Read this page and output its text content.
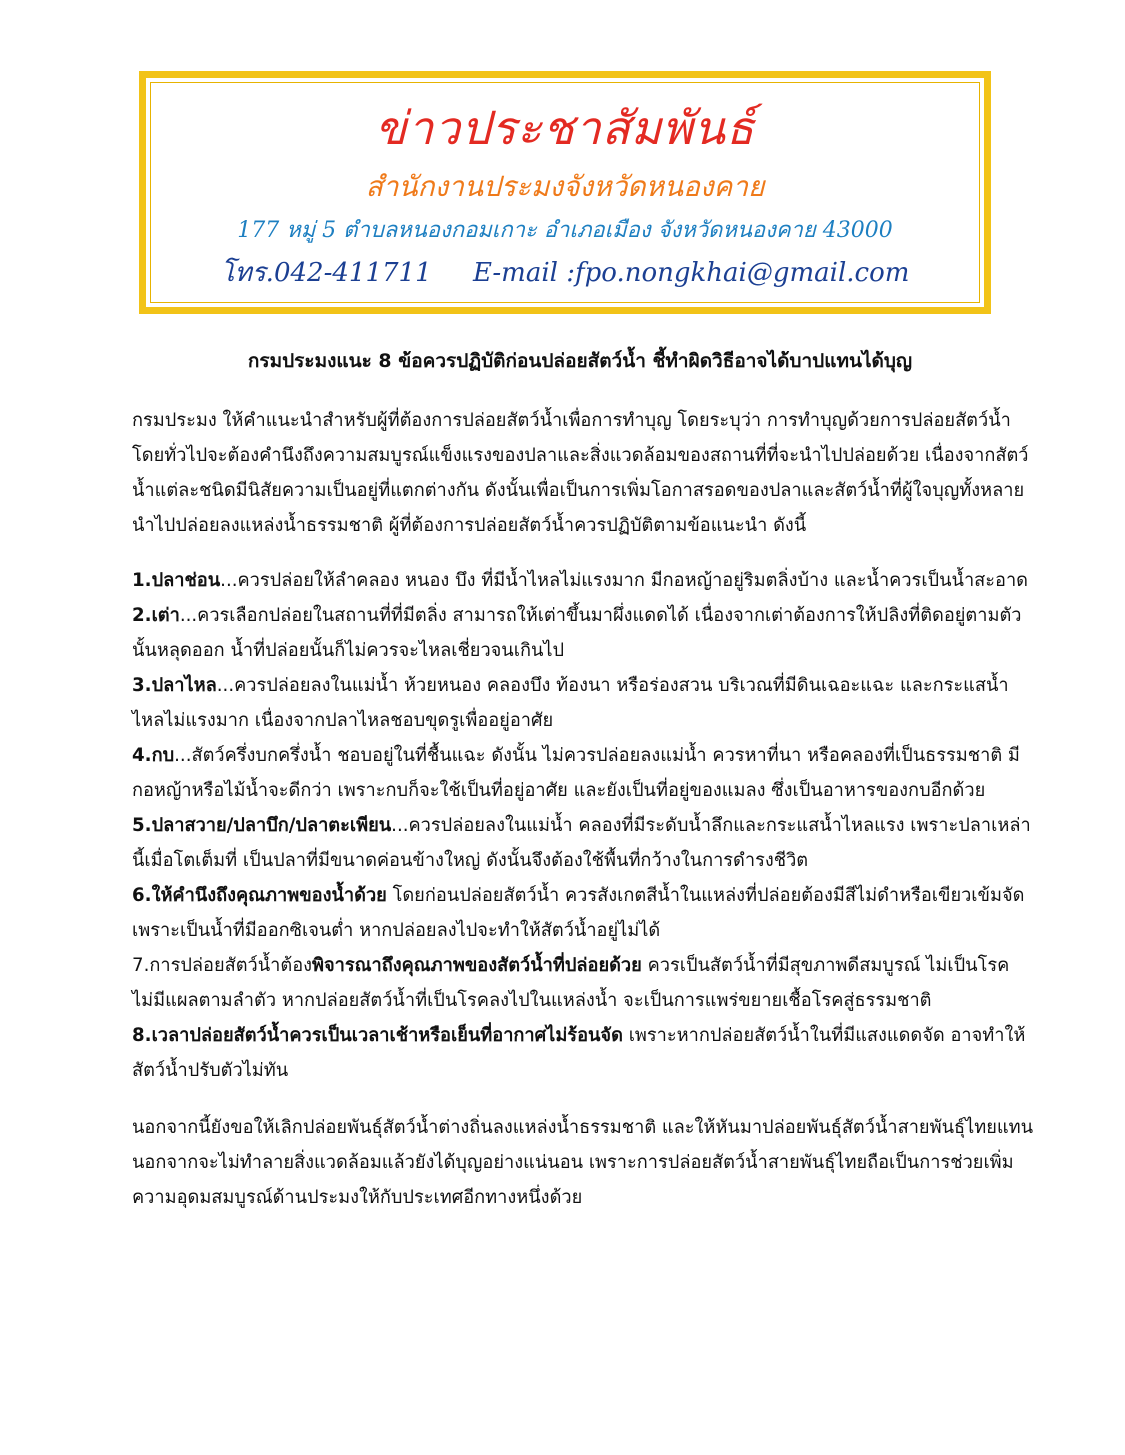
ข่าวประชาสัมพันธ์
สำนักงานประมงจังหวัดหนองคาย
177 หมู่ 5 ตำบลหนองกอมเกาะ อำเภอเมือง จังหวัดหนองคาย 43000
โทร.042-411711 E-mail :fpo.nongkhai@gmail.com
กรมประมงแนะ 8 ข้อควรปฏิบัติก่อนปล่อยสัตว์น้ำ ชี้ทำผิดวิธีอาจได้บาปแทนได้บุญ

กรมประมง ให้คำแนะนำสำหรับผู้ที่ต้องการปล่อยสัตว์น้ำเพื่อการทำบุญ โดยระบุว่า การทำบุญด้วยการปล่อยสัตว์น้ำโดยทั่วไปจะต้องคำนึงถึงความสมบูรณ์แข็งแรงของปลาและสิ่งแวดล้อมของสถานที่ที่จะนำไปปล่อยด้วย เนื่องจากสัตว์น้ำแต่ละชนิดมีนิสัยความเป็นอยู่ที่แตกต่างกัน ดังนั้นเพื่อเป็นการเพิ่มโอกาสรอดของปลาและสัตว์น้ำที่ผู้ใจบุญทั้งหลายนำไปปล่อยลงแหล่งน้ำธรรมชาติ ผู้ที่ต้องการปล่อยสัตว์น้ำควรปฏิบัติตามข้อแนะนำ ดังนี้

1.ปลาช่อน...ควรปล่อยให้ลำคลอง หนอง บึง ที่มีน้ำไหลไม่แรงมาก มีกอหญ้าอยู่ริมตลิ่งบ้าง และน้ำควรเป็นน้ำสะอาด

2.เต่า...ควรเลือกปล่อยในสถานที่ที่มีตลิ่ง สามารถให้เต่าขึ้นมาผึ่งแดดได้ เนื่องจากเต่าต้องการให้ปลิงที่ติดอยู่ตามตัวนั้นหลุดออก น้ำที่ปล่อยนั้นก็ไม่ควรจะไหลเชี่ยวจนเกินไป

3.ปลาไหล...ควรปล่อยลงในแม่น้ำ ห้วยหนอง คลองบึง ท้องนา หรือร่องสวน บริเวณที่มีดินเฉอะแฉะ และกระแสน้ำไหลไม่แรงมาก เนื่องจากปลาไหลชอบขุดรูเพื่ออยู่อาศัย

4.กบ...สัตว์ครึ่งบกครึ่งน้ำ ชอบอยู่ในที่ชื้นแฉะ ดังนั้น ไม่ควรปล่อยลงแม่น้ำ ควรหาที่นา หรือคลองที่เป็นธรรมชาติ มีกอหญ้าหรือไม้น้ำจะดีกว่า เพราะกบก็จะใช้เป็นที่อยู่อาศัย และยังเป็นที่อยู่ของแมลง ซึ่งเป็นอาหารของกบอีกด้วย

5.ปลาสวาย/ปลาบึก/ปลาตะเพียน...ควรปล่อยลงในแม่น้ำ คลองที่มีระดับน้ำลึกและกระแสน้ำไหลแรง เพราะปลาเหล่านี้เมื่อโตเต็มที่ เป็นปลาที่มีขนาดค่อนข้างใหญ่ ดังนั้นจึงต้องใช้พื้นที่กว้างในการดำรงชีวิต

6.ให้คำนึงถึงคุณภาพของน้ำด้วย โดยก่อนปล่อยสัตว์น้ำ ควรสังเกตสีน้ำในแหล่งที่ปล่อยต้องมีสีไม่ดำหรือเขียวเข้มจัด เพราะเป็นน้ำที่มีออกซิเจนต่ำ หากปล่อยลงไปจะทำให้สัตว์น้ำอยู่ไม่ได้

7.การปล่อยสัตว์น้ำต้องพิจารณาถึงคุณภาพของสัตว์น้ำที่ปล่อยด้วย ควรเป็นสัตว์น้ำที่มีสุขภาพดีสมบูรณ์ ไม่เป็นโรค ไม่มีแผลตามลำตัว หากปล่อยสัตว์น้ำที่เป็นโรคลงไปในแหล่งน้ำ จะเป็นการแพร่ขยายเชื้อโรคสู่ธรรมชาติ

8.เวลาปล่อยสัตว์น้ำควรเป็นเวลาเช้าหรือเย็นที่อากาศไม่ร้อนจัด เพราะหากปล่อยสัตว์น้ำในที่มีแสงแดดจัด อาจทำให้สัตว์น้ำปรับตัวไม่ทัน

นอกจากนี้ยังขอให้เลิกปล่อยพันธุ์สัตว์น้ำต่างถิ่นลงแหล่งน้ำธรรมชาติ และให้หันมาปล่อยพันธุ์สัตว์น้ำสายพันธุ์ไทยแทน นอกจากจะไม่ทำลายสิ่งแวดล้อมแล้วยังได้บุญอย่างแน่นอน เพราะการปล่อยสัตว์น้ำสายพันธุ์ไทยถือเป็นการช่วยเพิ่มความอุดมสมบูรณ์ด้านประมงให้กับประเทศอีกทางหนึ่งด้วย
